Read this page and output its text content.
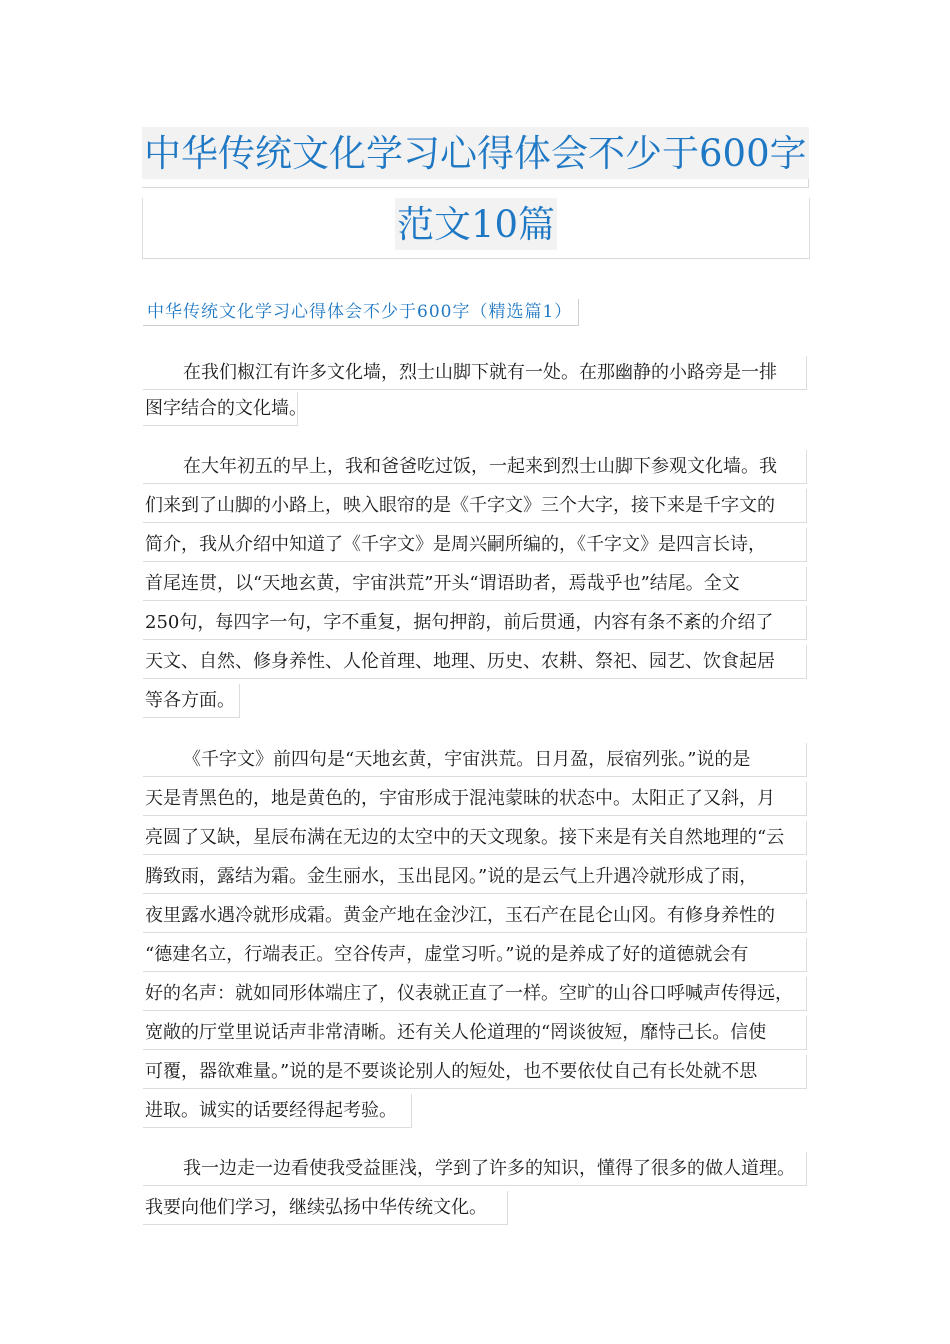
中华传统文化学习心得体会不少于600字
范文10篇
中华传统文化学习心得体会不少于600字（精选篇1）
在我们椒江有许多文化墙，烈士山脚下就有一处。在那幽静的小路旁是一排
图字结合的文化墙。
在大年初五的早上，我和爸爸吃过饭，一起来到烈士山脚下参观文化墙。我
们来到了山脚的小路上，映入眼帘的是《千字文》三个大字，接下来是千字文的
简介，我从介绍中知道了《千字文》是周兴嗣所编的，《千字文》是四言长诗，
首尾连贯，以“天地玄黄，宇宙洪荒”开头“谓语助者，焉哉乎也”结尾。全文
250句，每四字一句，字不重复，据句押韵，前后贯通，内容有条不紊的介绍了
天文、自然、修身养性、人伦首理、地理、历史、农耕、祭祀、园艺、饮食起居
等各方面。
《千字文》前四句是“天地玄黄，宇宙洪荒。日月盈，辰宿列张。”说的是
天是青黑色的，地是黄色的，宇宙形成于混沌蒙昧的状态中。太阳正了又斜，月
亮圆了又缺，星辰布满在无边的太空中的天文现象。接下来是有关自然地理的“云
腾致雨，露结为霜。金生丽水，玉出昆冈。”说的是云气上升遇冷就形成了雨，
夜里露水遇冷就形成霜。黄金产地在金沙江，玉石产在昆仑山冈。有修身养性的
“德建名立，行端表正。空谷传声，虚堂习听。”说的是养成了好的道德就会有
好的名声：就如同形体端庄了，仪表就正直了一样。空旷的山谷口呼喊声传得远，
宽敞的厅堂里说话声非常清晰。还有关人伦道理的“罔谈彼短，靡恃己长。信使
可覆，器欲难量。”说的是不要谈论别人的短处，也不要依仗自己有长处就不思
进取。诚实的话要经得起考验。
我一边走一边看使我受益匪浅，学到了许多的知识，懂得了很多的做人道理。
我要向他们学习，继续弘扬中华传统文化。
